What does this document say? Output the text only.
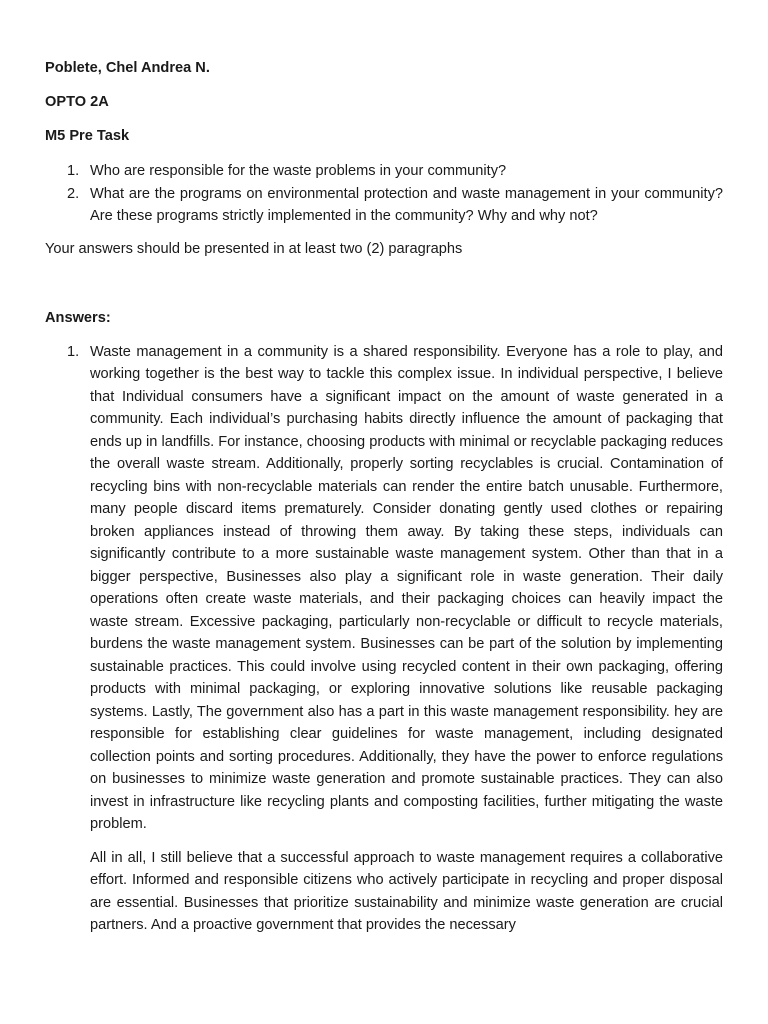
Poblete, Chel Andrea N.
OPTO 2A
M5 Pre Task
1. Who are responsible for the waste problems in your community?
2. What are the programs on environmental protection and waste management in your community? Are these programs strictly implemented in the community? Why and why not?
Your answers should be presented in at least two (2) paragraphs
Answers:
1. Waste management in a community is a shared responsibility. Everyone has a role to play, and working together is the best way to tackle this complex issue. In individual perspective, I believe that Individual consumers have a significant impact on the amount of waste generated in a community. Each individual’s purchasing habits directly influence the amount of packaging that ends up in landfills. For instance, choosing products with minimal or recyclable packaging reduces the overall waste stream. Additionally, properly sorting recyclables is crucial. Contamination of recycling bins with non-recyclable materials can render the entire batch unusable. Furthermore, many people discard items prematurely. Consider donating gently used clothes or repairing broken appliances instead of throwing them away. By taking these steps, individuals can significantly contribute to a more sustainable waste management system. Other than that in a bigger perspective, Businesses also play a significant role in waste generation. Their daily operations often create waste materials, and their packaging choices can heavily impact the waste stream. Excessive packaging, particularly non-recyclable or difficult to recycle materials, burdens the waste management system. Businesses can be part of the solution by implementing sustainable practices. This could involve using recycled content in their own packaging, offering products with minimal packaging, or exploring innovative solutions like reusable packaging systems. Lastly, The government also has a part in this waste management responsibility. hey are responsible for establishing clear guidelines for waste management, including designated collection points and sorting procedures. Additionally, they have the power to enforce regulations on businesses to minimize waste generation and promote sustainable practices. They can also invest in infrastructure like recycling plants and composting facilities, further mitigating the waste problem.

All in all, I still believe that a successful approach to waste management requires a collaborative effort. Informed and responsible citizens who actively participate in recycling and proper disposal are essential. Businesses that prioritize sustainability and minimize waste generation are crucial partners. And a proactive government that provides the necessary
